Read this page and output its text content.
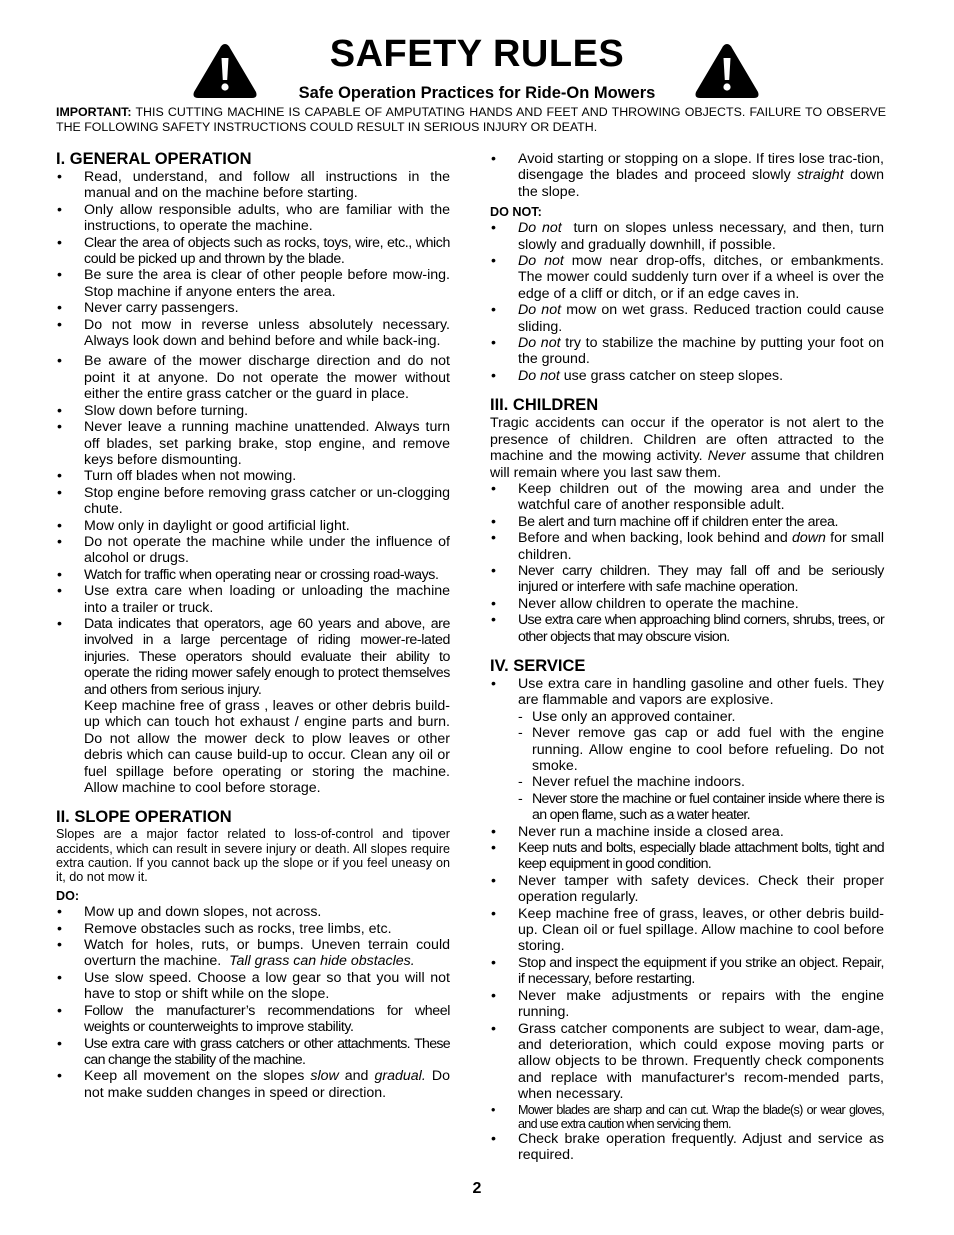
SAFETY RULES
Safe Operation Practices for Ride-On Mowers
IMPORTANT: THIS CUTTING MACHINE IS CAPABLE OF AMPUTATING HANDS AND FEET AND THROWING OBJECTS. FAILURE TO OBSERVE THE FOLLOWING SAFETY INSTRUCTIONS COULD RESULT IN SERIOUS INJURY OR DEATH.
I. GENERAL OPERATION
• Read, understand, and follow all instructions in the manual and on the machine before starting.
• Only allow responsible adults, who are familiar with the instructions, to operate the machine.
• Clear the area of objects such as rocks, toys, wire, etc., which could be picked up and thrown by the blade.
• Be sure the area is clear of other people before mow-ing. Stop machine if anyone enters the area.
• Never carry passengers.
• Do not mow in reverse unless absolutely necessary. Always look down and behind before and while back-ing.
• Be aware of the mower discharge direction and do not point it at anyone. Do not operate the mower without either the entire grass catcher or the guard in place.
• Slow down before turning.
• Never leave a running machine unattended. Always turn off blades, set parking brake, stop engine, and remove keys before dismounting.
• Turn off blades when not mowing.
• Stop engine before removing grass catcher or un-clogging chute.
• Mow only in daylight or good artificial light.
• Do not operate the machine while under the influence of alcohol or drugs.
• Watch for traffic when operating near or crossing road-ways.
• Use extra care when loading or unloading the machine into a trailer or truck.
• Data indicates that operators, age 60 years and above, are involved in a large percentage of riding mower-re-lated injuries. These operators should evaluate their ability to operate the riding mower safely enough to protect themselves and others from serious injury.
Keep machine free of grass , leaves or other debris build-up which can touch hot exhaust / engine parts and burn. Do not allow the mower deck to plow leaves or other debris which can cause build-up to occur. Clean any oil or fuel spillage before operating or storing the machine. Allow machine to cool before storage.
II. SLOPE OPERATION
Slopes are a major factor related to loss-of-control and tipover accidents, which can result in severe injury or death. All slopes require extra caution. If you cannot back up the slope or if you feel uneasy on it, do not mow it.
DO:
• Mow up and down slopes, not across.
• Remove obstacles such as rocks, tree limbs, etc.
• Watch for holes, ruts, or bumps. Uneven terrain could overturn the machine. Tall grass can hide obstacles.
• Use slow speed. Choose a low gear so that you will not have to stop or shift while on the slope.
• Follow the manufacturer’s recommendations for wheel weights or counterweights to improve stability.
• Use extra care with grass catchers or other attachments. These can change the stability of the machine.
• Keep all movement on the slopes slow and gradual. Do not make sudden changes in speed or direction.
• Avoid starting or stopping on a slope. If tires lose trac-tion, disengage the blades and proceed slowly straight down the slope.
DO NOT:
• Do not turn on slopes unless necessary, and then, turn slowly and gradually downhill, if possible.
• Do not mow near drop-offs, ditches, or embankments. The mower could suddenly turn over if a wheel is over the edge of a cliff or ditch, or if an edge caves in.
• Do not mow on wet grass. Reduced traction could cause sliding.
• Do not try to stabilize the machine by putting your foot on the ground.
• Do not use grass catcher on steep slopes.
III. CHILDREN
Tragic accidents can occur if the operator is not alert to the presence of children. Children are often attracted to the machine and the mowing activity. Never assume that children will remain where you last saw them.
• Keep children out of the mowing area and under the watchful care of another responsible adult.
• Be alert and turn machine off if children enter the area.
• Before and when backing, look behind and down for small children.
• Never carry children. They may fall off and be seriously injured or interfere with safe machine operation.
• Never allow children to operate the machine.
• Use extra care when approaching blind corners, shrubs, trees, or other objects that may obscure vision.
IV. SERVICE
• Use extra care in handling gasoline and other fuels. They are flammable and vapors are explosive.
- Use only an approved container.
- Never remove gas cap or add fuel with the engine running. Allow engine to cool before refueling. Do not smoke.
- Never refuel the machine indoors.
- Never store the machine or fuel container inside where there is an open flame, such as a water heater.
• Never run a machine inside a closed area.
• Keep nuts and bolts, especially blade attachment bolts, tight and keep equipment in good condition.
• Never tamper with safety devices. Check their proper operation regularly.
• Keep machine free of grass, leaves, or other debris build-up. Clean oil or fuel spillage. Allow machine to cool before storing.
• Stop and inspect the equipment if you strike an object. Repair, if necessary, before restarting.
• Never make adjustments or repairs with the engine running.
• Grass catcher components are subject to wear, dam-age, and deterioration, which could expose moving parts or allow objects to be thrown. Frequently check components and replace with manufacturer's recom-mended parts, when necessary.
• Mower blades are sharp and can cut. Wrap the blade(s) or wear gloves, and use extra caution when servicing them.
• Check brake operation frequently. Adjust and service as required.
2
